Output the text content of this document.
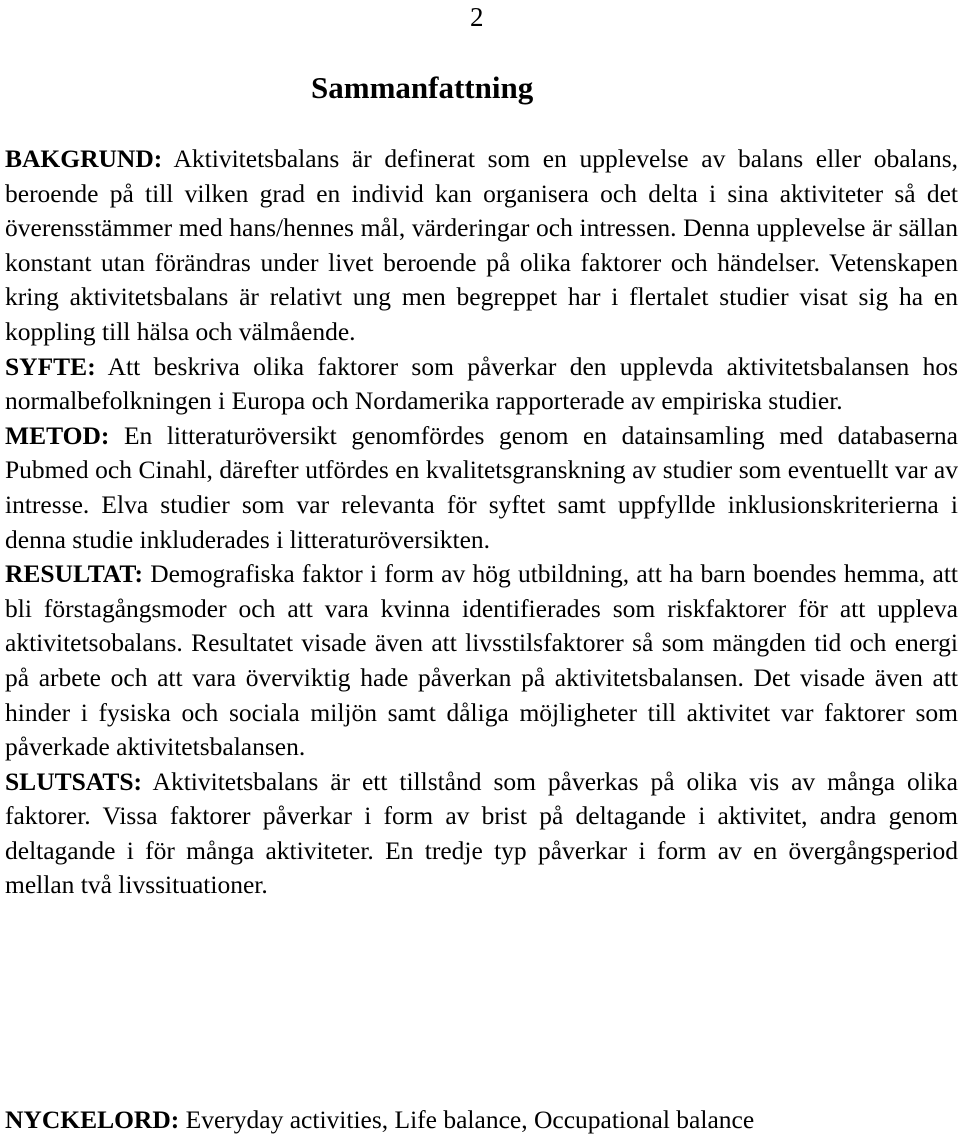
2
Sammanfattning

BAKGRUND: Aktivitetsbalans är definerat som en upplevelse av balans eller obalans, beroende på till vilken grad en individ kan organisera och delta i sina aktiviteter så det överensstämmer med hans/hennes mål, värderingar och intressen. Denna upplevelse är sällan konstant utan förändras under livet beroende på olika faktorer och händelser. Vetenskapen kring aktivitetsbalans är relativt ung men begreppet har i flertalet studier visat sig ha en koppling till hälsa och välmående.

SYFTE: Att beskriva olika faktorer som påverkar den upplevda aktivitetsbalansen hos normalbefolkningen i Europa och Nordamerika rapporterade av empiriska studier.

METOD: En litteraturöversikt genomfördes genom en datainsamling med databaserna Pubmed och Cinahl, därefter utfördes en kvalitetsgranskning av studier som eventuellt var av intresse. Elva studier som var relevanta för syftet samt uppfyllde inklusionskriterierna i denna studie inkluderades i litteraturöversikten.

RESULTAT: Demografiska faktor i form av hög utbildning, att ha barn boendes hemma, att bli förstagångsmoder och att vara kvinna identifierades som riskfaktorer för att uppleva aktivitetsobalans. Resultatet visade även att livsstilsfaktorer så som mängden tid och energi på arbete och att vara överviktig hade påverkan på aktivitetsbalansen. Det visade även att hinder i fysiska och sociala miljön samt dåliga möjligheter till aktivitet var faktorer som påverkade aktivitetsbalansen.

SLUTSATS: Aktivitetsbalans är ett tillstånd som påverkas på olika vis av många olika faktorer. Vissa faktorer påverkar i form av brist på deltagande i aktivitet, andra genom deltagande i för många aktiviteter. En tredje typ påverkar i form av en övergångsperiod mellan två livssituationer.

NYCKELORD: Everyday activities, Life balance, Occupational balance
